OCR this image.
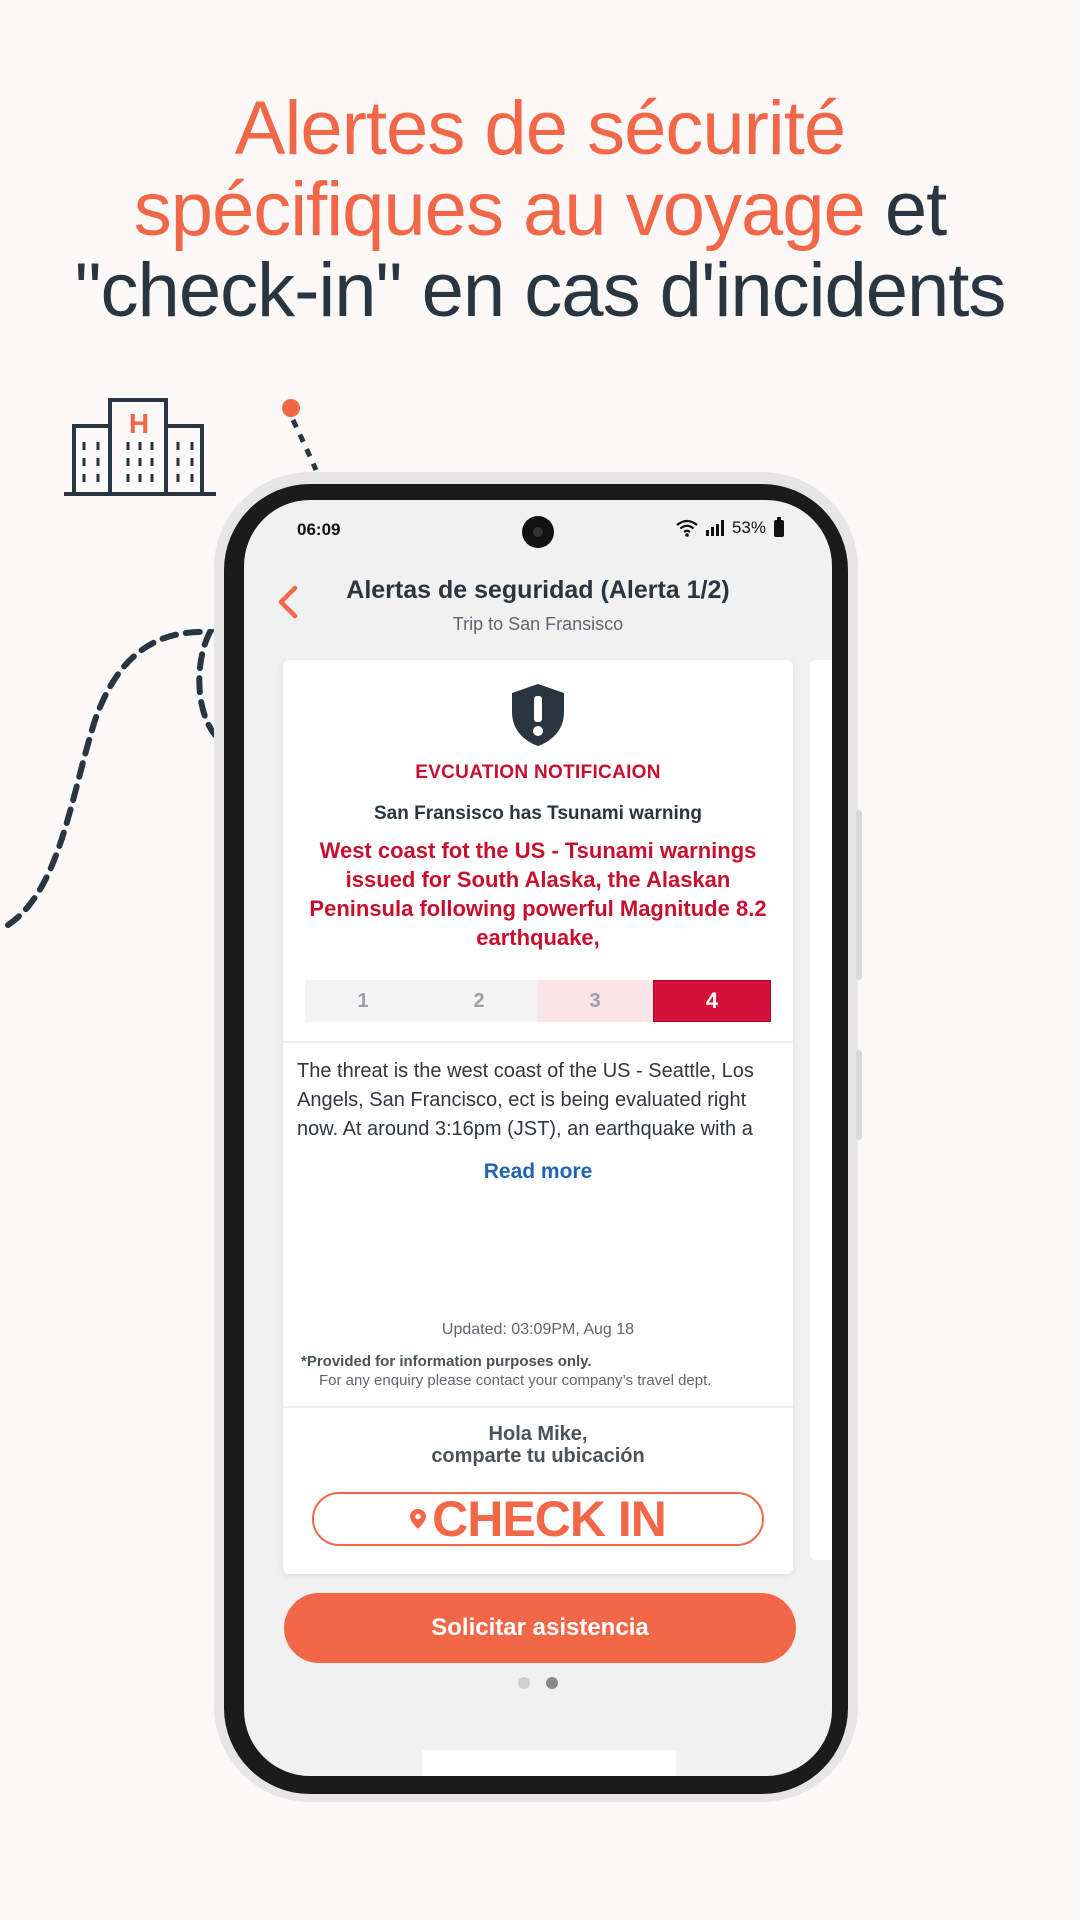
Alertes de sécurité
spécifiques au voyage et
"check-in" en cas d'incidents
H
06:09	53%
Alertas de seguridad (Alerta 1/2)
Trip to San Fransisco
EVCUATION NOTIFICAION
San Fransisco has Tsunami warning
West coast fot the US - Tsunami warnings issued for South Alaska, the Alaskan Peninsula following powerful Magnitude 8.2 earthquake,
1	2	3	4
The threat is the west coast of the US - Seattle, Los Angels, San Francisco, ect is being evaluated right now. At around 3:16pm (JST), an earthquake with a
Read more
Updated: 03:09PM, Aug 18
*Provided for information purposes only.
For any enquiry please contact your company’s travel dept.
Hola Mike,
comparte tu ubicación
CHECK IN
Solicitar asistencia
